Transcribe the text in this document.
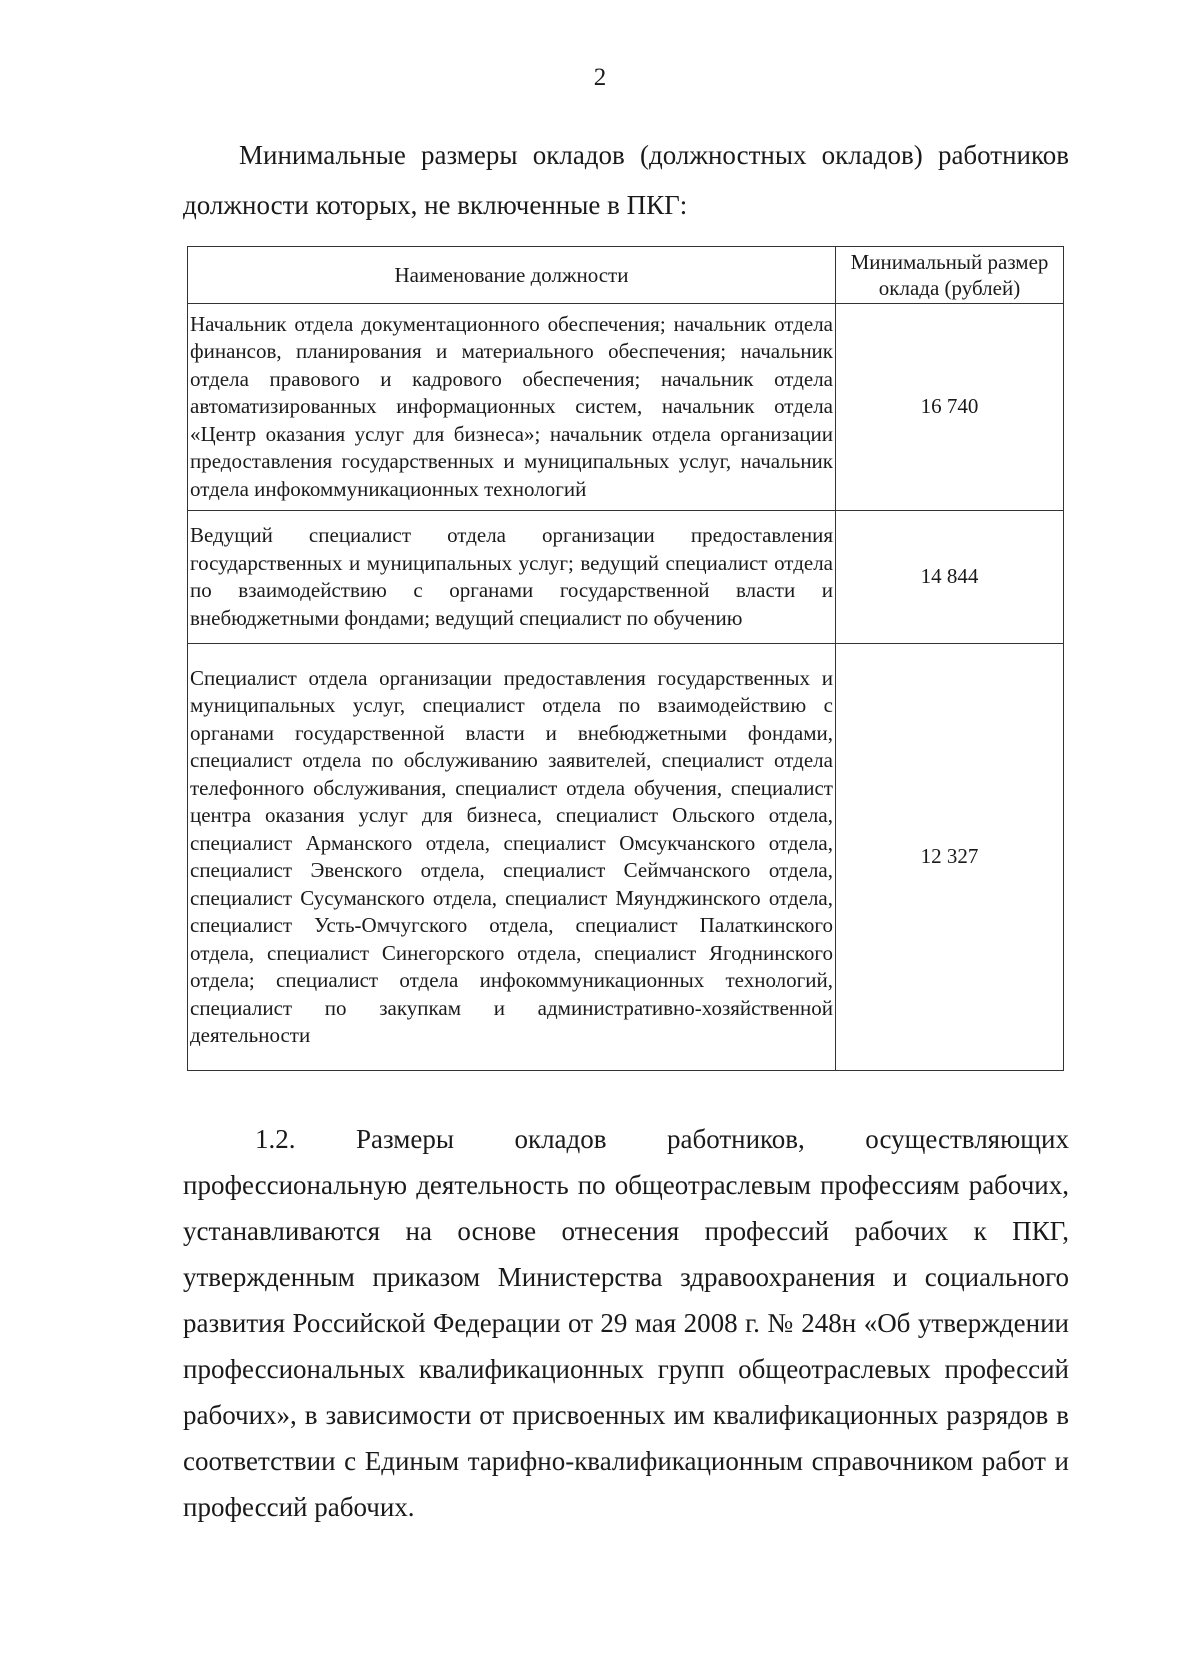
2

Минимальные размеры окладов (должностных окладов) работников должности которых, не включенные в ПКГ:

Наименование должности	Минимальный размер оклада (рублей)
Начальник отдела документационного обеспечения; начальник отдела финансов, планирования и материального обеспечения; начальник отдела правового и кадрового обеспечения; начальник отдела автоматизированных информационных систем, начальник отдела «Центр оказания услуг для бизнеса»; начальник отдела организации предоставления государственных и муниципальных услуг, начальник отдела инфокоммуникационных технологий	16 740
Ведущий специалист отдела организации предоставления государственных и муниципальных услуг; ведущий специалист отдела по взаимодействию с органами государственной власти и внебюджетными фондами; ведущий специалист по обучению	14 844
Специалист отдела организации предоставления государственных и муниципальных услуг, специалист отдела по взаимодействию с органами государственной власти и внебюджетными фондами, специалист отдела по обслуживанию заявителей, специалист отдела телефонного обслуживания, специалист отдела обучения, специалист центра оказания услуг для бизнеса, специалист Ольского отдела, специалист Арманского отдела, специалист Омсукчанского отдела, специалист Эвенского отдела, специалист Сеймчанского отдела, специалист Сусуманского отдела, специалист Мяунджинского отдела, специалист Усть-Омчугского отдела, специалист Палаткинского отдела, специалист Синегорского отдела, специалист Ягоднинского отдела; специалист отдела инфокоммуникационных технологий, специалист по закупкам и административно-хозяйственной деятельности	12 327

1.2. Размеры окладов работников, осуществляющих профессиональную деятельность по общеотраслевым профессиям рабочих, устанавливаются на основе отнесения профессий рабочих к ПКГ, утвержденным приказом Министерства здравоохранения и социального развития Российской Федерации от 29 мая 2008 г. № 248н «Об утверждении профессиональных квалификационных групп общеотраслевых профессий рабочих», в зависимости от присвоенных им квалификационных разрядов в соответствии с Единым тарифно-квалификационным справочником работ и профессий рабочих.
